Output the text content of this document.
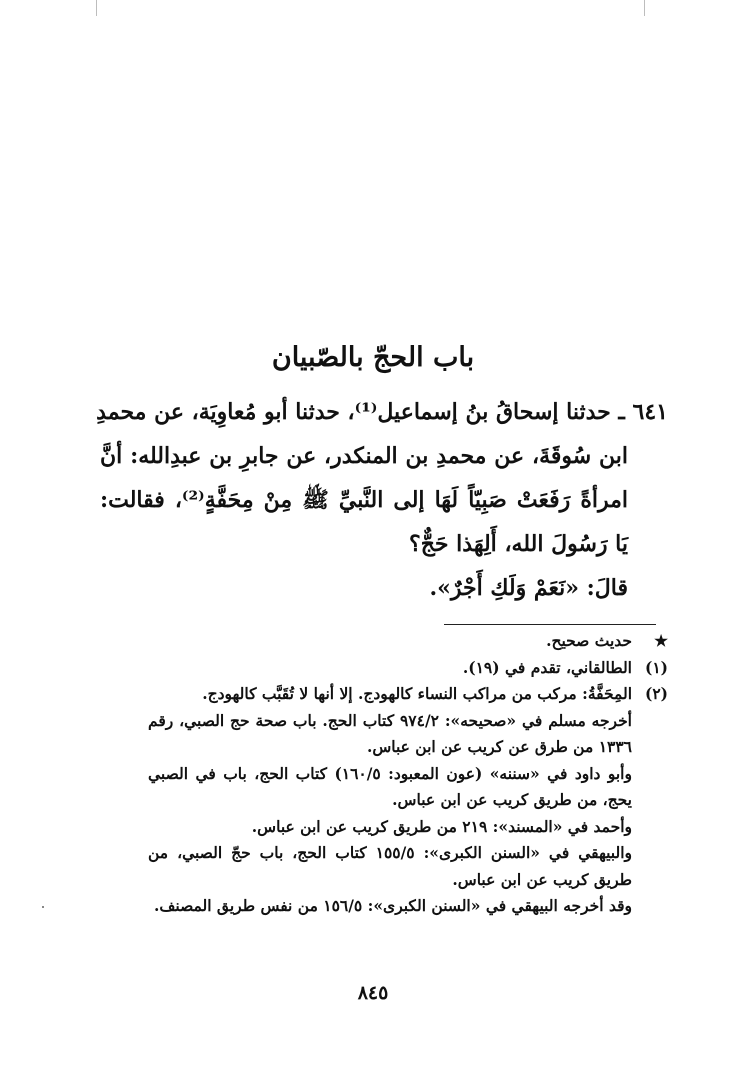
باب الحجّ بالصّبيان
٦٤١ ـ حدثنا إسحاقُ بنُ إسماعيل⁽¹⁾، حدثنا أبو مُعاوِيَة، عن محمدِ
ابن سُوقَةَ، عن محمدِ بن المنكدر، عن جابرِ بن عبدِالله: أنَّ
امرأةً رَفَعَتْ صَبِيّاً لَهَا إلى النَّبيِّ ﷺ مِنْ مِحَفَّةٍ⁽²⁾، فقالت:
يَا رَسُولَ الله، أَلِهَذا حَجٌّ؟
قالَ: «نَعَمْ وَلَكِ أَجْرٌ».
★
حديث صحيح.
(١)
الطالقاني، تقدم في (١٩).
(٢)
المِحَفَّةُ: مركب من مراكب النساء كالهودج. إلا أنها لا تُقَبَّب كالهودج.
أخرجه مسلم في «صحيحه»: ٩٧٤/٢ كتاب الحج. باب صحة حج الصبي، رقم
١٣٣٦ من طرق عن كريب عن ابن عباس.
وأبو داود في «سننه» (عون المعبود: ١٦٠/٥) كتاب الحج، باب في الصبي
يحج، من طريق كريب عن ابن عباس.
وأحمد في «المسند»: ٢١٩ من طريق كريب عن ابن عباس.
والبيهقي في «السنن الكبرى»: ١٥٥/٥ كتاب الحج، باب حجّ الصبي، من
طريق كريب عن ابن عباس.
وقد أخرجه البيهقي في «السنن الكبرى»: ١٥٦/٥ من نفس طريق المصنف.
٨٤٥
